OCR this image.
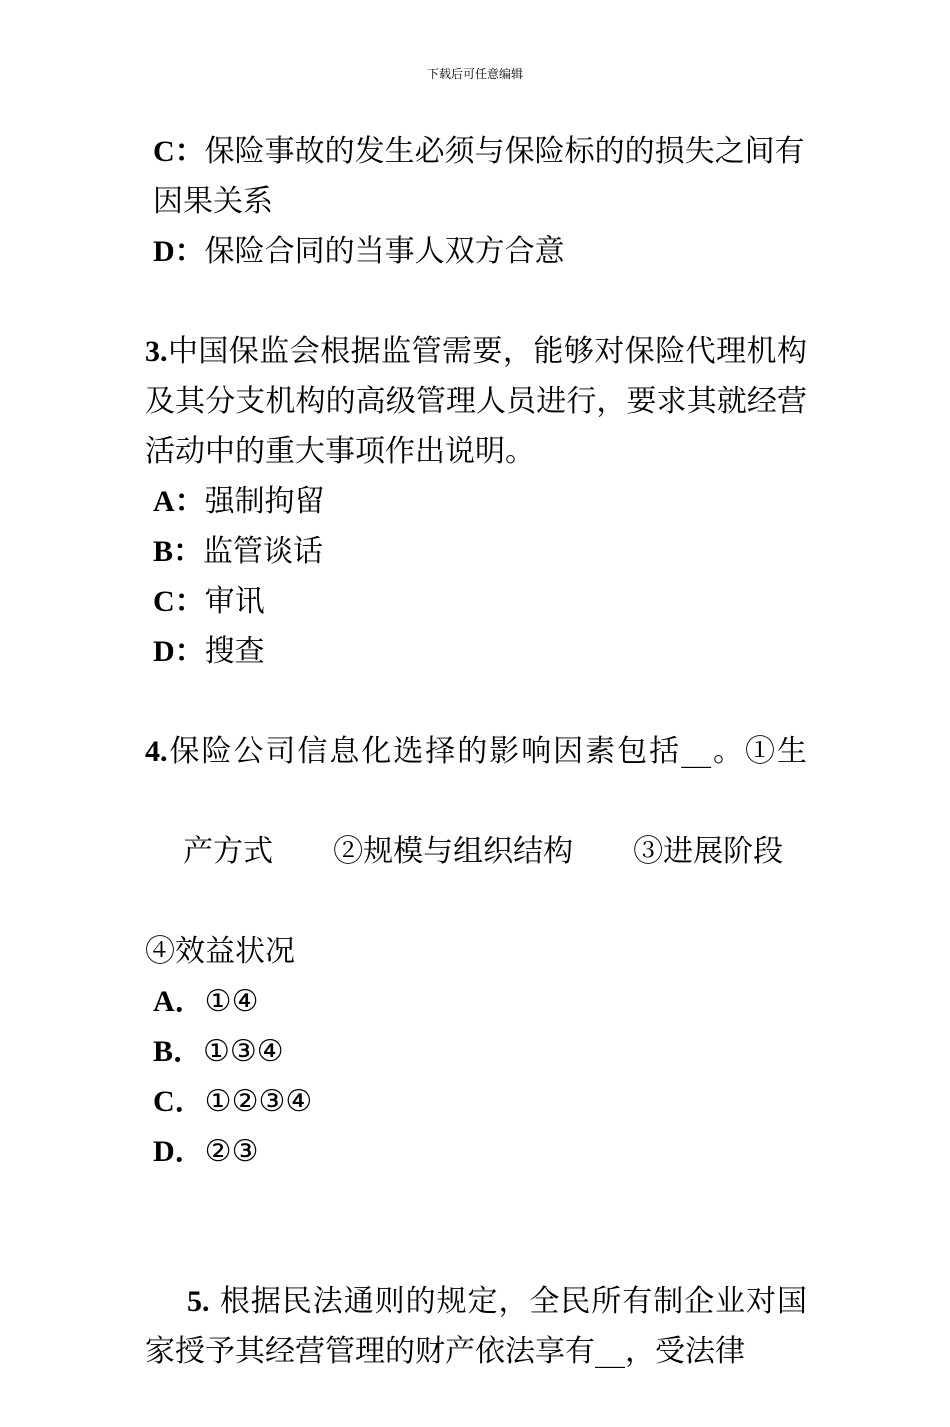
下载后可任意编辑

C：保险事故的发生必须与保险标的的损失之间有因果关系

D：保险合同的当事人双方合意

3.中国保监会根据监管需要，能够对保险代理机构及其分支机构的高级管理人员进行，要求其就经营活动中的重大事项作出说明。

A：强制拘留

B：监管谈话

C：审讯

D：搜查

4.保险公司信息化选择的影响因素包括__。①生

产方式　　②规模与组织结构　　③进展阶段

④效益状况

A．①④

B．①③④

C．①②③④

D．②③

5. 根据民法通则的规定，全民所有制企业对国家授予其经营管理的财产依法享有__，受法律
